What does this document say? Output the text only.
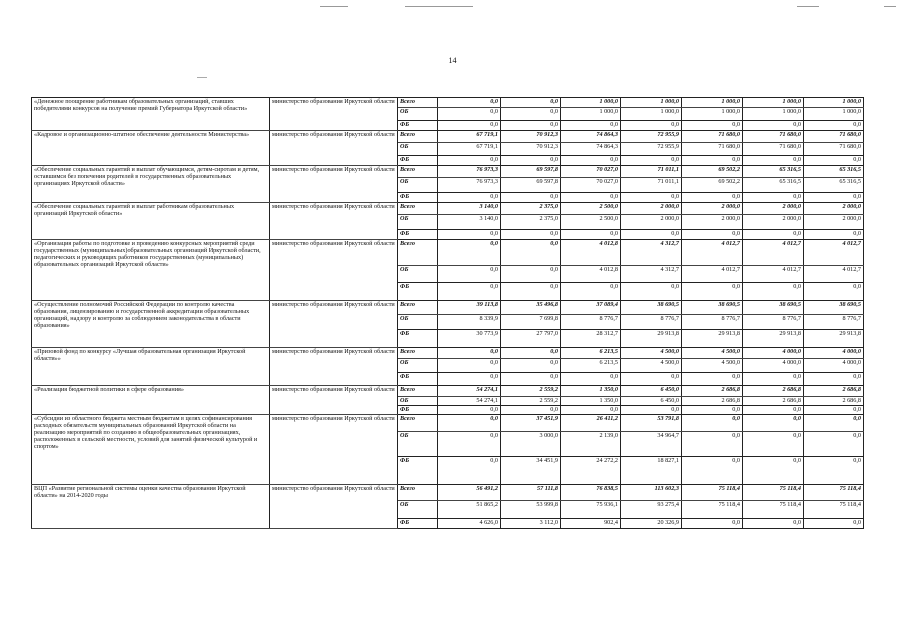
14
«Денежное поощрение работникам образовательных организаций, ставших победителями конкурсов на получение премий Губернатора Иркутской области»	министерство образования Иркутской области	Всего	0,0	0,0	1 000,0	1 000,0	1 000,0	1 000,0	1 000,0
		ОБ	0,0	0,0	1 000,0	1 000,0	1 000,0	1 000,0	1 000,0
		ФБ	0,0	0,0	0,0	0,0	0,0	0,0	0,0
«Кадровое и организационно-штатное обеспечение деятельности Министерства»	министерство образования Иркутской области	Всего	67 719,1	70 912,3	74 864,3	72 955,9	71 680,0	71 680,0	71 680,0
		ОБ	67 719,1	70 912,3	74 864,3	72 955,9	71 680,0	71 680,0	71 680,0
		ФБ	0,0	0,0	0,0	0,0	0,0	0,0	0,0
«Обеспечение социальных гарантий и выплат обучающимся, детям-сиротам и детям, оставшимся без попечения родителей в государственных образовательных организациях Иркутской области»	министерство образования Иркутской области	Всего	76 973,3	69 597,8	70 027,0	71 011,1	69 502,2	65 316,5	65 316,5
		ОБ	76 973,3	69 597,8	70 027,0	71 011,1	69 502,2	65 316,5	65 316,5
		ФБ	0,0	0,0	0,0	0,0	0,0	0,0	0,0
«Обеспечение социальных гарантий и выплат работникам образовательных организаций Иркутской области»	министерство образования Иркутской области	Всего	3 140,0	2 375,0	2 500,0	2 000,0	2 000,0	2 000,0	2 000,0
		ОБ	3 140,0	2 375,0	2 500,0	2 000,0	2 000,0	2 000,0	2 000,0
		ФБ	0,0	0,0	0,0	0,0	0,0	0,0	0,0
«Организация работы по подготовке и проведению конкурсных мероприятий среди государственных (муниципальных)образовательных организаций Иркутской области, педагогических и руководящих работников государственных (муниципальных) образовательных организаций Иркутской области»	министерство образования Иркутской области	Всего	0,0	0,0	4 012,8	4 312,7	4 012,7	4 012,7	4 012,7
		ОБ	0,0	0,0	4 012,8	4 312,7	4 012,7	4 012,7	4 012,7
		ФБ	0,0	0,0	0,0	0,0	0,0	0,0	0,0
«Осуществление полномочий Российской Федерации по контролю качества образования, лицензированию и государственной аккредитации образовательных организаций, надзору и контролю за соблюдением законодательства в области образования»	министерство образования Иркутской области	Всего	39 113,8	35 496,8	37 089,4	38 690,5	38 690,5	38 690,5	38 690,5
		ОБ	8 339,9	7 699,8	8 776,7	8 776,7	8 776,7	8 776,7	8 776,7
		ФБ	30 773,9	27 797,0	28 312,7	29 913,8	29 913,8	29 913,8	29 913,8
«Призовой фонд по конкурсу «Лучшая образовательная организация Иркутской области»»	министерство образования Иркутской области	Всего	0,0	0,0	6 213,5	4 500,0	4 500,0	4 000,0	4 000,0
		ОБ	0,0	0,0	6 213,5	4 500,0	4 500,0	4 000,0	4 000,0
		ФБ	0,0	0,0	0,0	0,0	0,0	0,0	0,0
«Реализация бюджетной политики в сфере образования»	министерство образования Иркутской области	Всего	54 274,1	2 559,2	1 350,0	6 450,0	2 686,8	2 686,8	2 686,8
		ОБ	54 274,1	2 559,2	1 350,0	6 450,0	2 686,8	2 686,8	2 686,8
		ФБ	0,0	0,0	0,0	0,0	0,0	0,0	0,0
«Субсидии из областного бюджета местным бюджетам в целях софинансирования расходных обязательств муниципальных образований Иркутской области на реализацию мероприятий по созданию в общеобразовательных организациях, расположенных в сельской местности, условий для занятий физической культурой и спортом»	министерство образования Иркутской области	Всего	0,0	37 451,9	26 411,2	53 791,8	0,0	0,0	0,0
		ОБ	0,0	3 000,0	2 139,0	34 964,7	0,0	0,0	0,0
		ФБ	0,0	34 451,9	24 272,2	18 827,1	0,0	0,0	0,0
ВЦП «Развитие региональной системы оценки качества образования Иркутской области» на 2014-2020 годы	министерство образования Иркутской области	Всего	56 491,2	57 111,8	76 838,5	113 602,3	75 118,4	75 118,4	75 118,4
		ОБ	51 865,2	53 999,8	75 936,1	93 275,4	75 118,4	75 118,4	75 118,4
		ФБ	4 626,0	3 112,0	902,4	20 326,9	0,0	0,0	0,0
